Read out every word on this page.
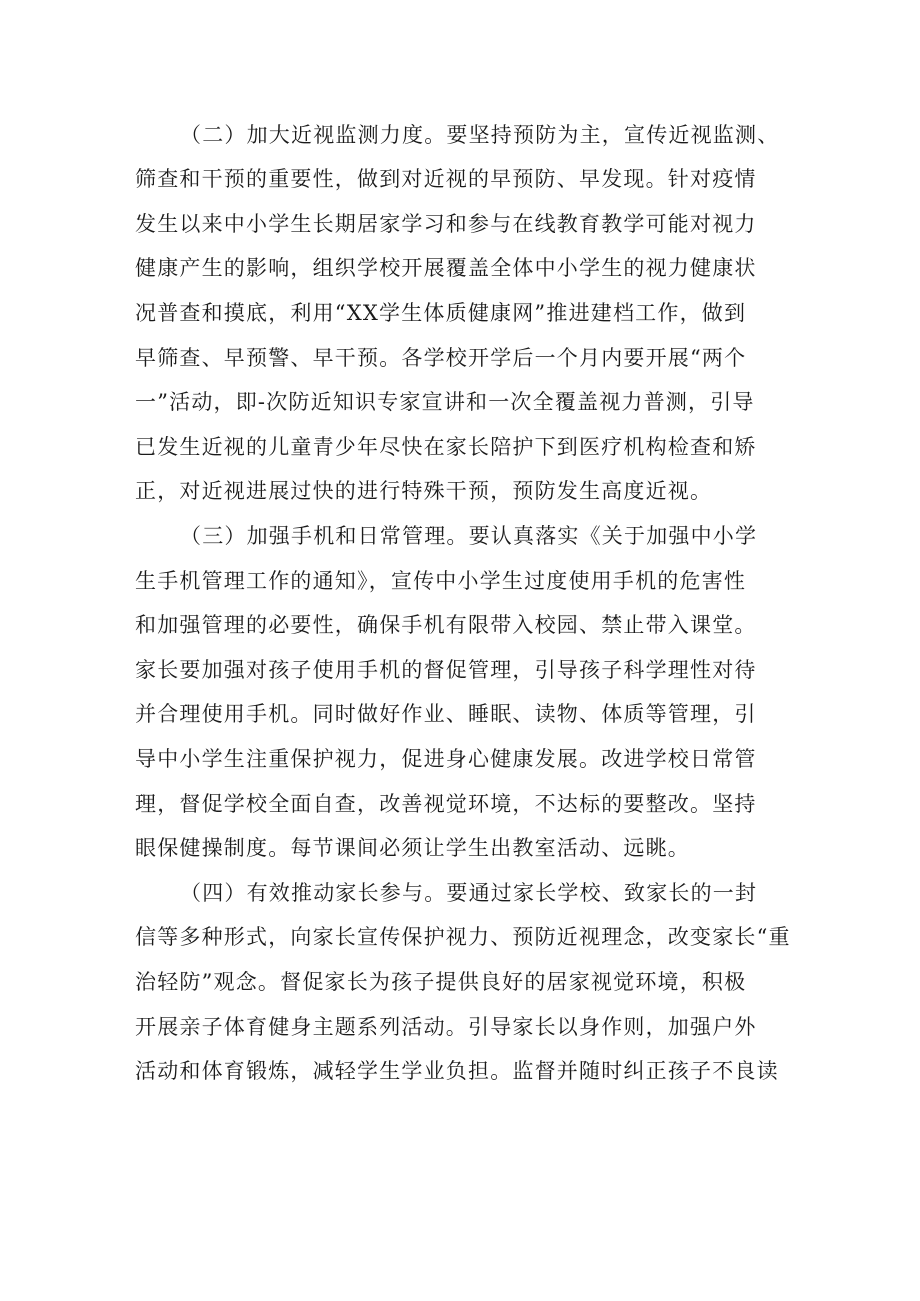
（二）加大近视监测力度。要坚持预防为主，宣传近视监测、
筛查和干预的重要性，做到对近视的早预防、早发现。针对疫情
发生以来中小学生长期居家学习和参与在线教育教学可能对视力
健康产生的影响，组织学校开展覆盖全体中小学生的视力健康状
况普查和摸底，利用“XX学生体质健康网”推进建档工作，做到
早筛查、早预警、早干预。各学校开学后一个月内要开展“两个
一”活动，即-次防近知识专家宣讲和一次全覆盖视力普测，引导
已发生近视的儿童青少年尽快在家长陪护下到医疗机构检查和矫
正，对近视进展过快的进行特殊干预，预防发生高度近视。
（三）加强手机和日常管理。要认真落实《关于加强中小学
生手机管理工作的通知》，宣传中小学生过度使用手机的危害性
和加强管理的必要性，确保手机有限带入校园、禁止带入课堂。
家长要加强对孩子使用手机的督促管理，引导孩子科学理性对待
并合理使用手机。同时做好作业、睡眠、读物、体质等管理，引
导中小学生注重保护视力，促进身心健康发展。改进学校日常管
理，督促学校全面自查，改善视觉环境，不达标的要整改。坚持
眼保健操制度。每节课间必须让学生出教室活动、远眺。
（四）有效推动家长参与。要通过家长学校、致家长的一封
信等多种形式，向家长宣传保护视力、预防近视理念，改变家长“重
治轻防”观念。督促家长为孩子提供良好的居家视觉环境，积极
开展亲子体育健身主题系列活动。引导家长以身作则，加强户外
活动和体育锻炼，减轻学生学业负担。监督并随时纠正孩子不良读
